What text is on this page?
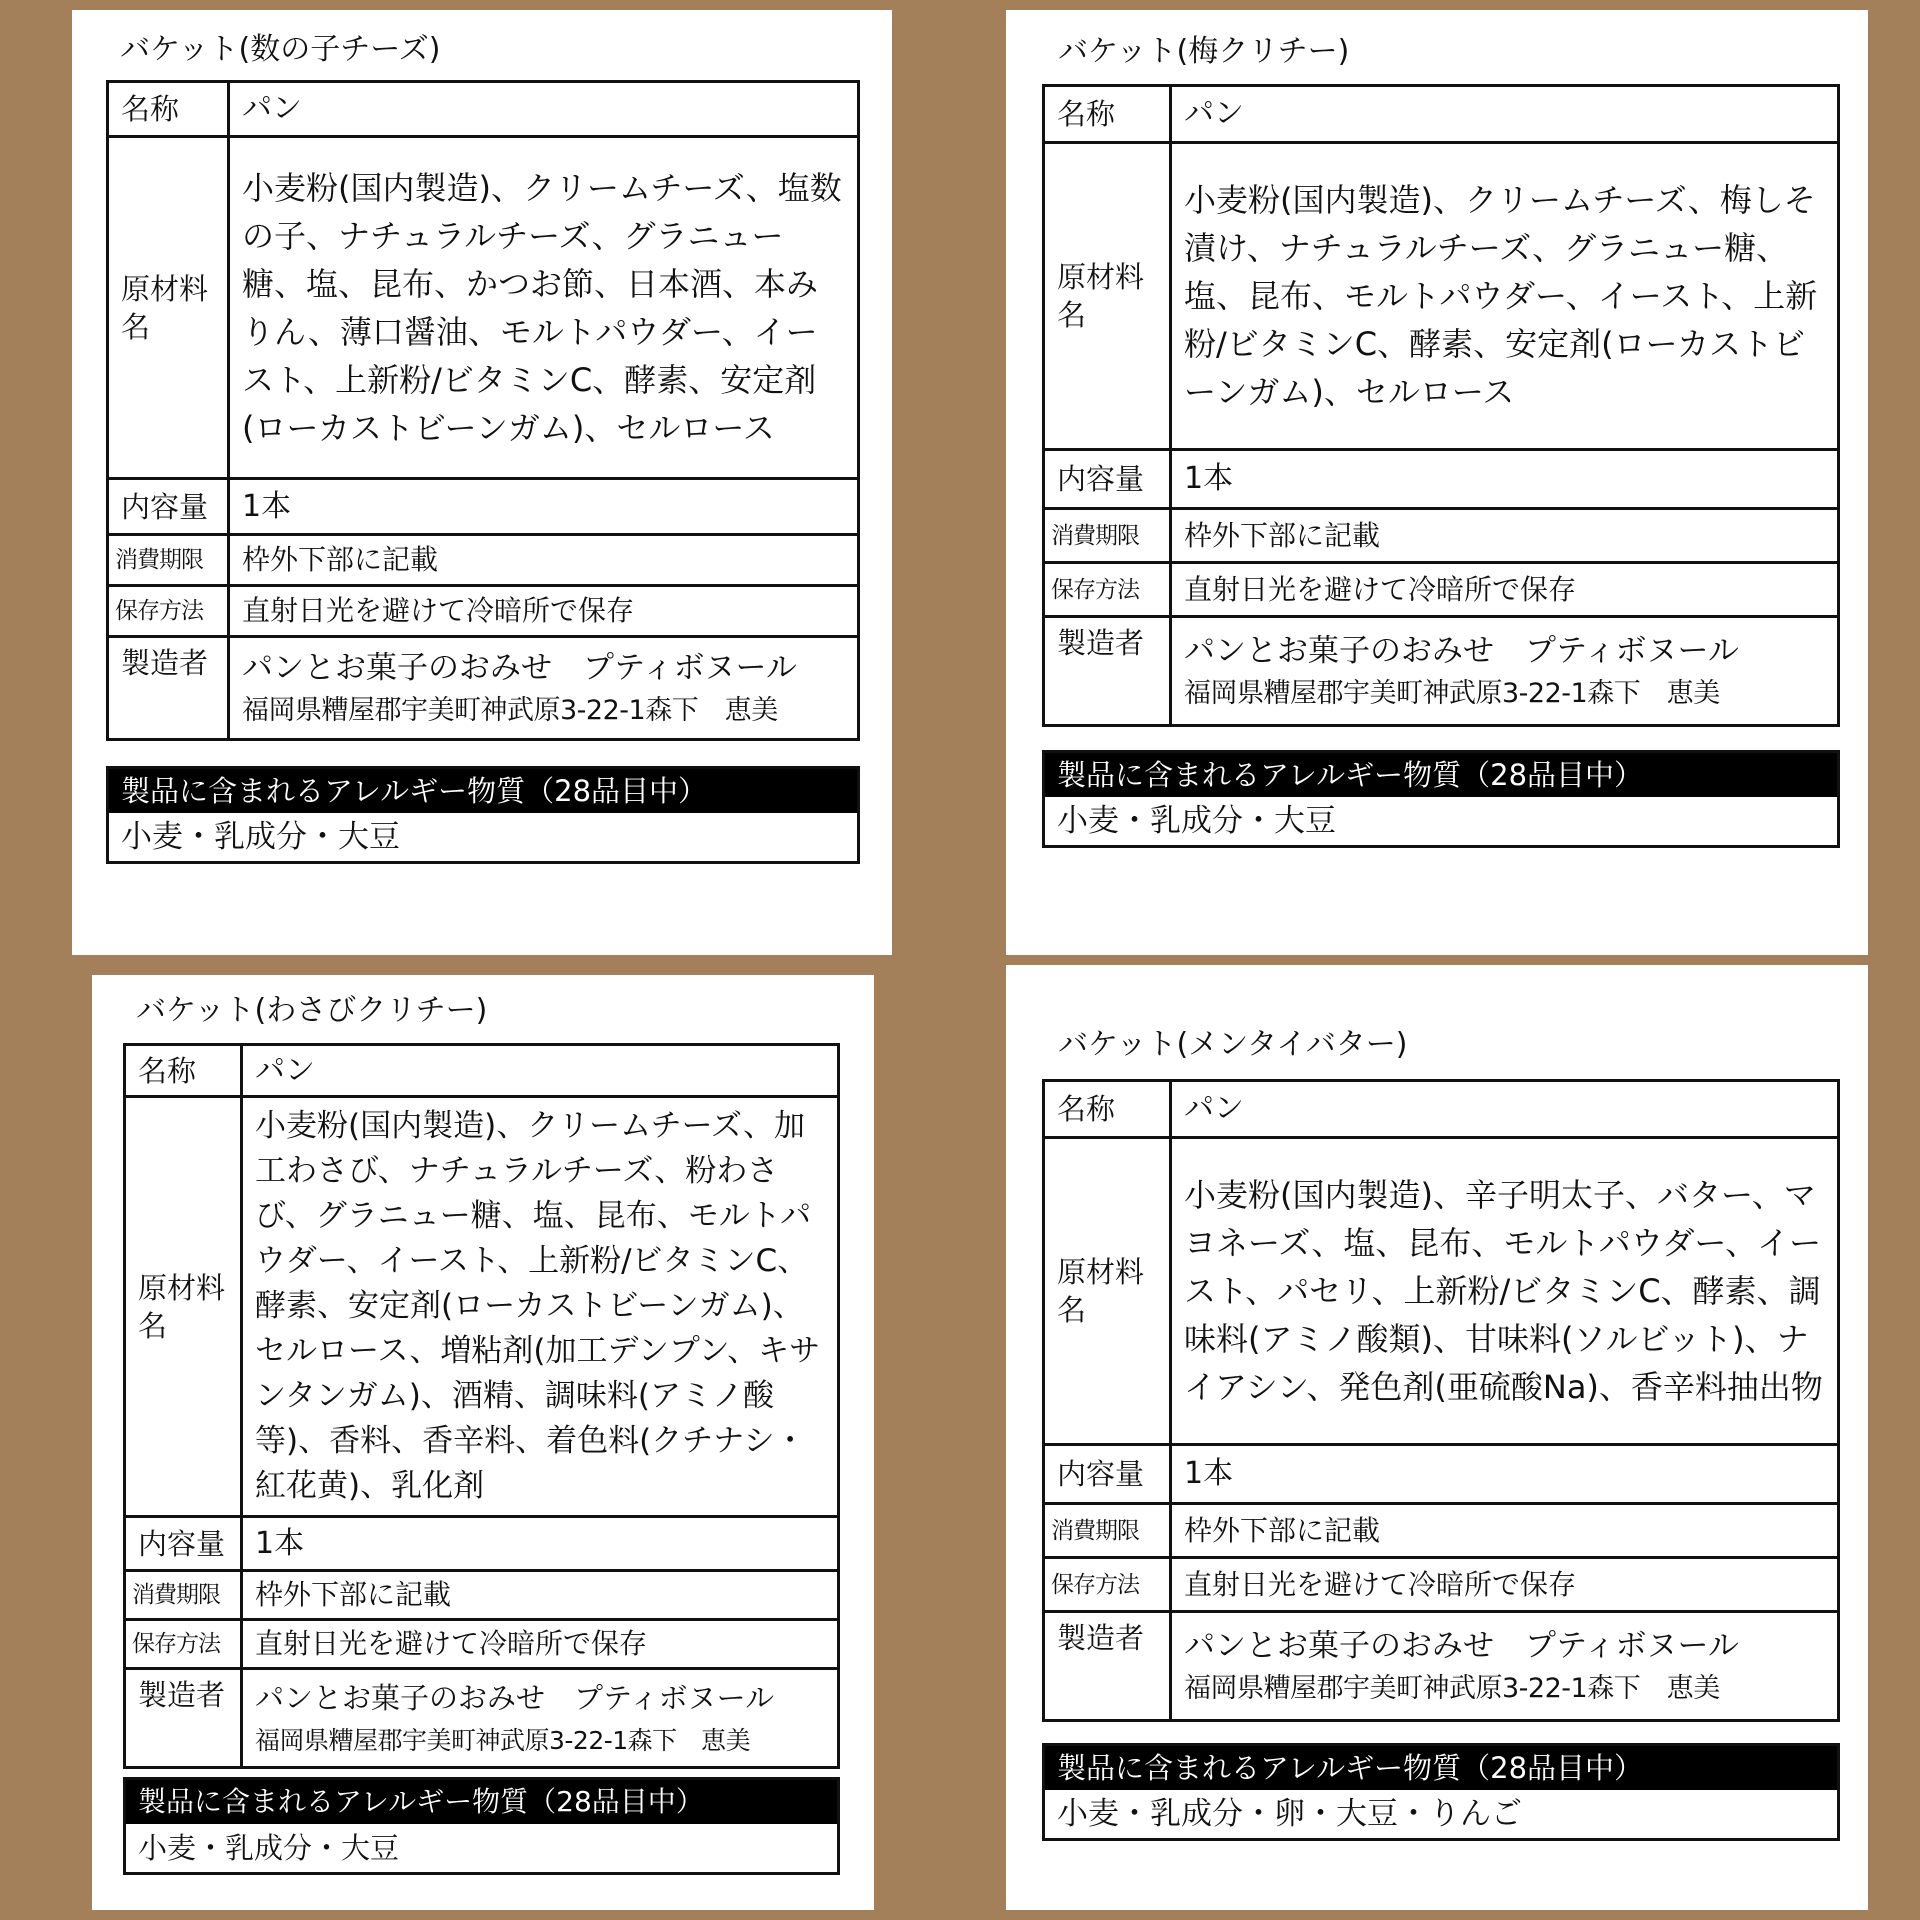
バケット(数の子チーズ)
名称	パン
原材料名	小麦粉(国内製造)、クリームチーズ、塩数の子、ナチュラルチーズ、グラニュー糖、塩、昆布、かつお節、日本酒、本みりん、薄口醤油、モルトパウダー、イースト、上新粉/ビタミンC、酵素、安定剤(ローカストビーンガム)、セルロース
内容量	1本
消費期限	枠外下部に記載
保存方法	直射日光を避けて冷暗所で保存
製造者	パンとお菓子のおみせ　プティボヌール
福岡県糟屋郡宇美町神武原3-22-1森下　恵美
製品に含まれるアレルギー物質（28品目中）
小麦・乳成分・大豆
バケット(梅クリチー)
名称	パン
原材料名	小麦粉(国内製造)、クリームチーズ、梅しそ漬け、ナチュラルチーズ、グラニュー糖、塩、昆布、モルトパウダー、イースト、上新粉/ビタミンC、酵素、安定剤(ローカストビーンガム)、セルロース
内容量	1本
消費期限	枠外下部に記載
保存方法	直射日光を避けて冷暗所で保存
製造者	パンとお菓子のおみせ　プティボヌール
福岡県糟屋郡宇美町神武原3-22-1森下　恵美
製品に含まれるアレルギー物質（28品目中）
小麦・乳成分・大豆
バケット(わさびクリチー)
名称	パン
原材料名	小麦粉(国内製造)、クリームチーズ、加工わさび、ナチュラルチーズ、粉わさび、グラニュー糖、塩、昆布、モルトパウダー、イースト、上新粉/ビタミンC、酵素、安定剤(ローカストビーンガム)、セルロース、増粘剤(加工デンプン、キサンタンガム)、酒精、調味料(アミノ酸等)、香料、香辛料、着色料(クチナシ・紅花黄)、乳化剤
内容量	1本
消費期限	枠外下部に記載
保存方法	直射日光を避けて冷暗所で保存
製造者	パンとお菓子のおみせ　プティボヌール
福岡県糟屋郡宇美町神武原3-22-1森下　恵美
製品に含まれるアレルギー物質（28品目中）
小麦・乳成分・大豆
バケット(メンタイバター)
名称	パン
原材料名	小麦粉(国内製造)、辛子明太子、バター、マヨネーズ、塩、昆布、モルトパウダー、イースト、パセリ、上新粉/ビタミンC、酵素、調味料(アミノ酸類)、甘味料(ソルビット)、ナイアシン、発色剤(亜硫酸Na)、香辛料抽出物
内容量	1本
消費期限	枠外下部に記載
保存方法	直射日光を避けて冷暗所で保存
製造者	パンとお菓子のおみせ　プティボヌール
福岡県糟屋郡宇美町神武原3-22-1森下　恵美
製品に含まれるアレルギー物質（28品目中）
小麦・乳成分・卵・大豆・りんご
